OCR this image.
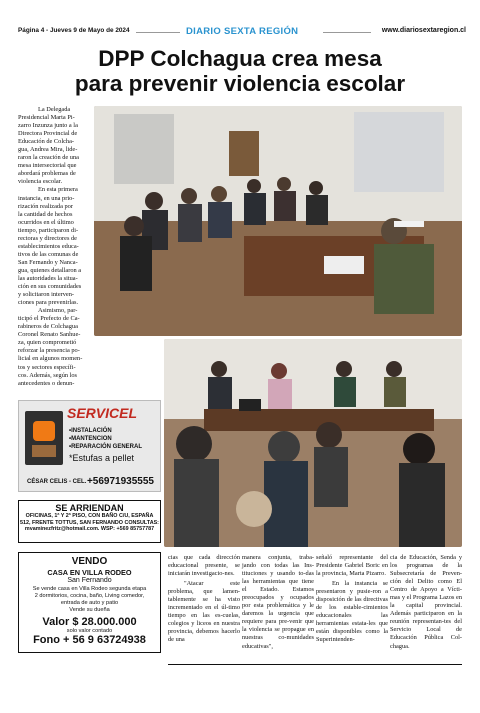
Página 4 - Jueves 9 de Mayo de 2024	DIARIO SEXTA REGIÓN	www.diariosextaregion.cl
DPP Colchagua crea mesa
para prevenir violencia escolar
La Delegada
Presidencial Marta Pi-
zarro Inzunza junto a la
Directora Provincial de
Educación de Colcha-
gua, Andrea Mira, lide-
raron la creación de una
mesa intersectorial que
abordará problemas de
violencia escolar.
En esta primera
instancia, en una prio-
rización realizada por
la cantidad de hechos
ocurridos en el último
tiempo, participaron di-
rectoras y directores de
establecimientos educa-
tivos de las comunas de
San Fernando y Nanca-
gua, quienes detallaron a
las autoridades la situa-
ción en sus comunidades
y solicitaron interven-
ciones para prevenirlas.
Asimismo, par-
ticipó el Prefecto de Ca-
rabineros de Colchagua
Coronel Renato Sanhue-
za, quien comprometió
reforzar la presencia po-
licial en algunos momen-
tos y sectores específi-
cos. Además, según los
antecedentes o denun-
SERVICEL
•INSTALACIÓN
•MANTENCION
•REPARACIÓN GENERAL
*Estufas a pellet
CÉSAR CELIS - CEL. +56971935555
SE ARRIENDAN
OFICINAS, 1ª Y 2ª PISO, CON BAÑO C/U, ESPAÑA
512, FRENTE TOTTUS, SAN FERNANDO CONSULTAS:
mvaminezfritz@hotmail.com. WSP: +569 85757787
VENDO
CASA EN VILLA RODEO
San Fernando
Se vende casa en Villa Rodeo segunda etapa
2 dormitorios, cocina, baño, Living comedor,
entrada de auto y patio
Vende su dueña
Valor $ 28.000.000
solo valor contado
Fono + 56 9 63724938

cias que cada dirección educacional presente, se iniciarán investigacio-nes.

"Atacar este problema, que lamen-tablemente se ha visto incrementado en el úl-timo tiempo en las es-cuelas, colegios y liceos en nuestra provincia, debemos hacerlo de una

manera conjunta, traba-jando con todas las Ins-tituciones y usando to-das las herramientas que tiene el Estado. Estamos preocupados y ocupados por esta problemática y le daremos la urgencia que requiere para pre-venir que la violencia se propague en nuestras co-munidades educativas",

señaló representante del Presidente Gabriel Boric en la provincia, Marta Pizarro.

En la instancia se presentaron y pusie-ron a disposición de las directivas de los estable-cimientos educacionales las herramientas estata-les que están disponibles como la Superintenden-

cia de Educación, Senda y los programas de la Subsecretaría de Preven-ción del Delito como El Centro de Apoyo a Vícti-mas y el Programa Lazos en la capital provincial. Además participaron en la reunión representan-tes del Servicio Local de Educación Pública Col-chagua.
